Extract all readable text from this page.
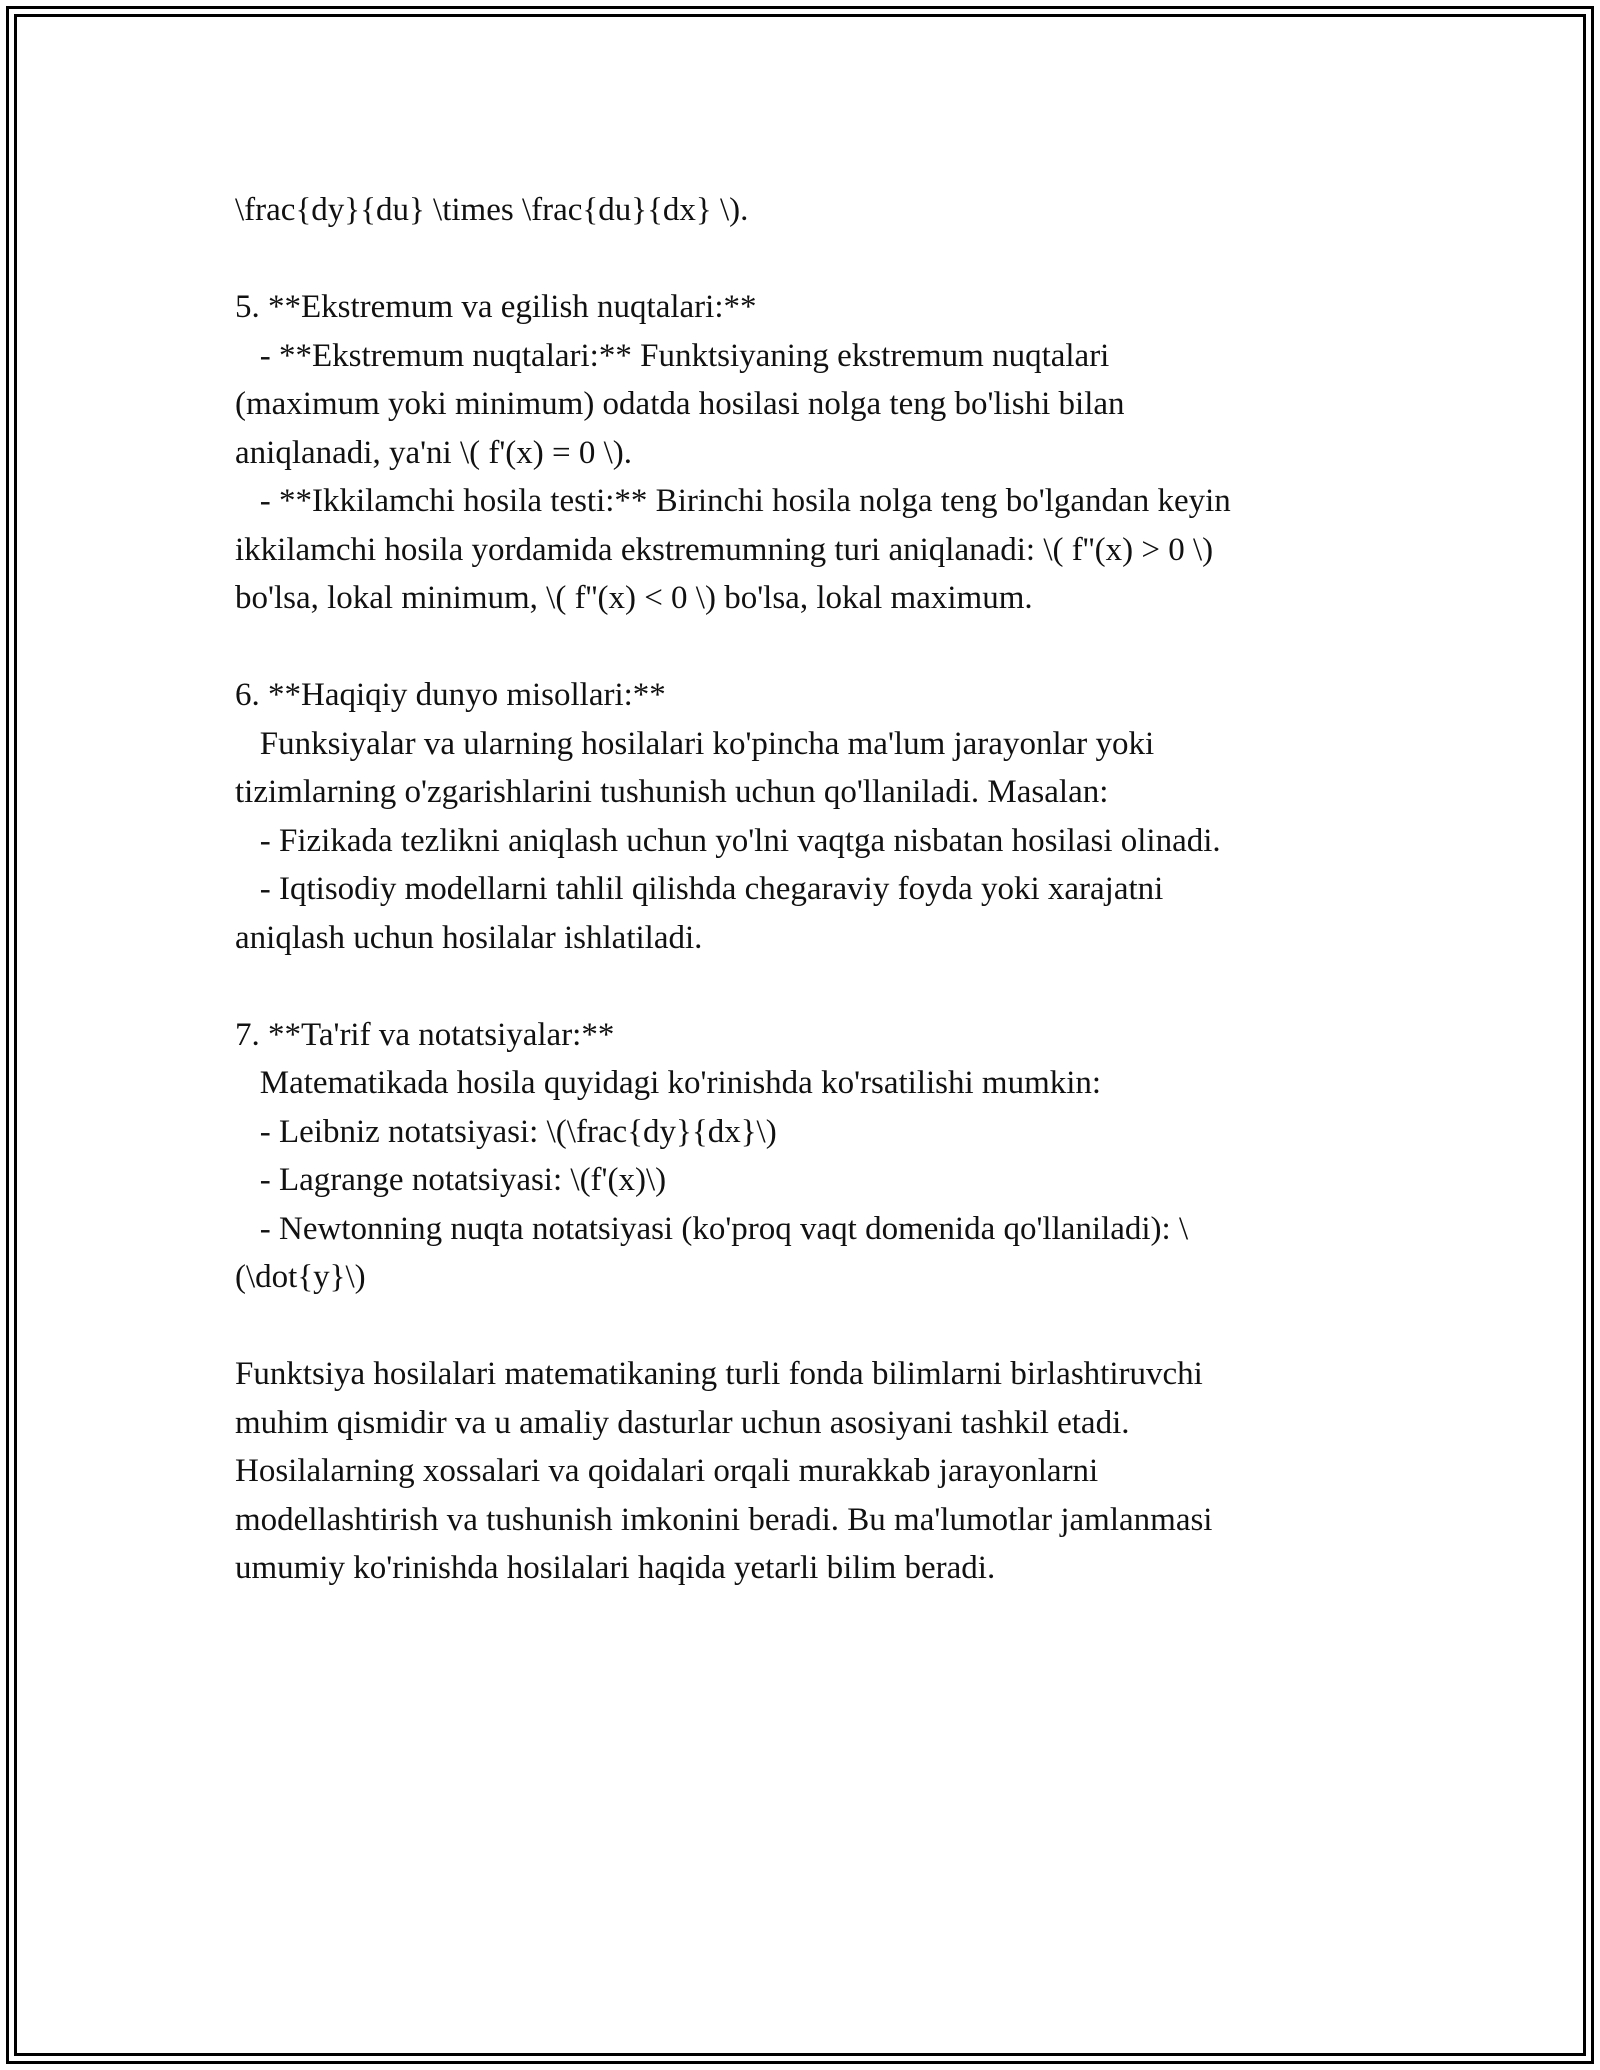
\frac{dy}{du} \times \frac{du}{dx} \).
5. **Ekstremum va egilish nuqtalari:**
- **Ekstremum nuqtalari:** Funktsiyaning ekstremum nuqtalari
(maximum yoki minimum) odatda hosilasi nolga teng bo'lishi bilan
aniqlanadi, ya'ni \( f'(x) = 0 \).
- **Ikkilamchi hosila testi:** Birinchi hosila nolga teng bo'lgandan keyin
ikkilamchi hosila yordamida ekstremumning turi aniqlanadi: \( f''(x) > 0 \)
bo'lsa, lokal minimum, \( f''(x) < 0 \) bo'lsa, lokal maximum.
6. **Haqiqiy dunyo misollari:**
Funksiyalar va ularning hosilalari ko'pincha ma'lum jarayonlar yoki
tizimlarning o'zgarishlarini tushunish uchun qo'llaniladi. Masalan:
- Fizikada tezlikni aniqlash uchun yo'lni vaqtga nisbatan hosilasi olinadi.
- Iqtisodiy modellarni tahlil qilishda chegaraviy foyda yoki xarajatni
aniqlash uchun hosilalar ishlatiladi.
7. **Ta'rif va notatsiyalar:**
Matematikada hosila quyidagi ko'rinishda ko'rsatilishi mumkin:
- Leibniz notatsiyasi: \(\frac{dy}{dx}\)
- Lagrange notatsiyasi: \(f'(x)\)
- Newtonning nuqta notatsiyasi (ko'proq vaqt domenida qo'llaniladi): \
(\dot{y}\)
Funktsiya hosilalari matematikaning turli fonda bilimlarni birlashtiruvchi
muhim qismidir va u amaliy dasturlar uchun asosiyani tashkil etadi.
Hosilalarning xossalari va qoidalari orqali murakkab jarayonlarni
modellashtirish va tushunish imkonini beradi. Bu ma'lumotlar jamlanmasi
umumiy ko'rinishda hosilalari haqida yetarli bilim beradi.
